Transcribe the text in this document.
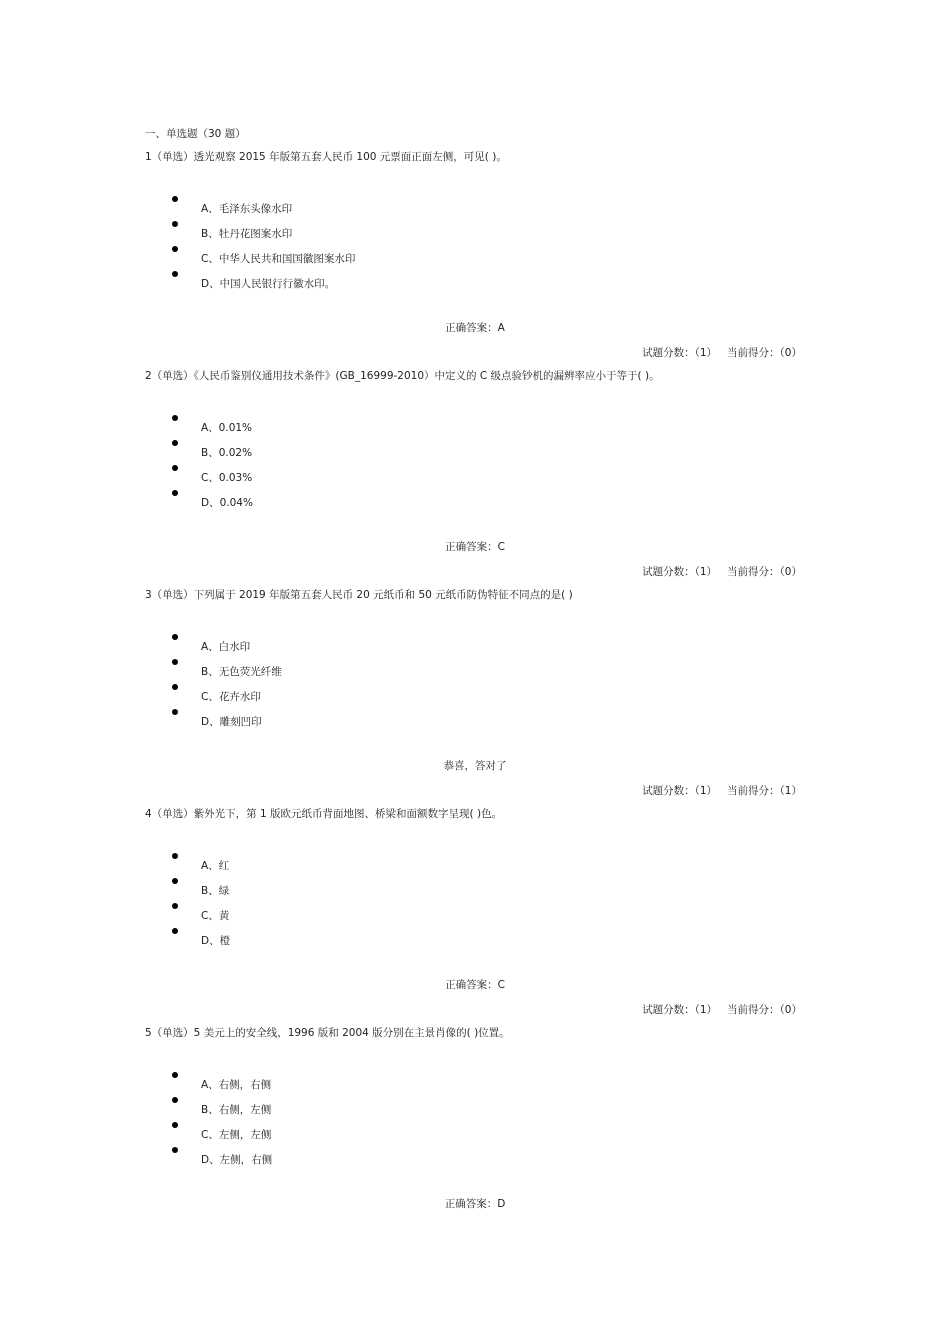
一、单选题（30 题）
1（单选）透光观察 2015 年版第五套人民币 100 元票面正面左侧，可见( )。
A、毛泽东头像水印
B、牡丹花图案水印
C、中华人民共和国国徽图案水印
D、中国人民银行行徽水印。
正确答案：A
试题分数：（1） 当前得分：（0）
2（单选）《人民币鉴别仪通用技术条件》(GB_16999-2010）中定义的 C 级点验钞机的漏辨率应小于等于( )。
A、0.01%
B、0.02%
C、0.03%
D、0.04%
正确答案：C
试题分数：（1） 当前得分：（0）
3（单选）下列属于 2019 年版第五套人民币 20 元纸币和 50 元纸币防伪特征不同点的是( )
A、白水印
B、无色荧光纤维
C、花卉水印
D、雕刻凹印
恭喜，答对了
试题分数：（1） 当前得分：（1）
4（单选）紫外光下，第 1 版欧元纸币背面地图、桥梁和面额数字呈现( )色。
A、红
B、绿
C、黄
D、橙
正确答案：C
试题分数：（1） 当前得分：（0）
5（单选）5 美元上的安全线，1996 版和 2004 版分别在主景肖像的( )位置。
A、右侧，右侧
B、右侧，左侧
C、左侧，左侧
D、左侧，右侧
正确答案：D
